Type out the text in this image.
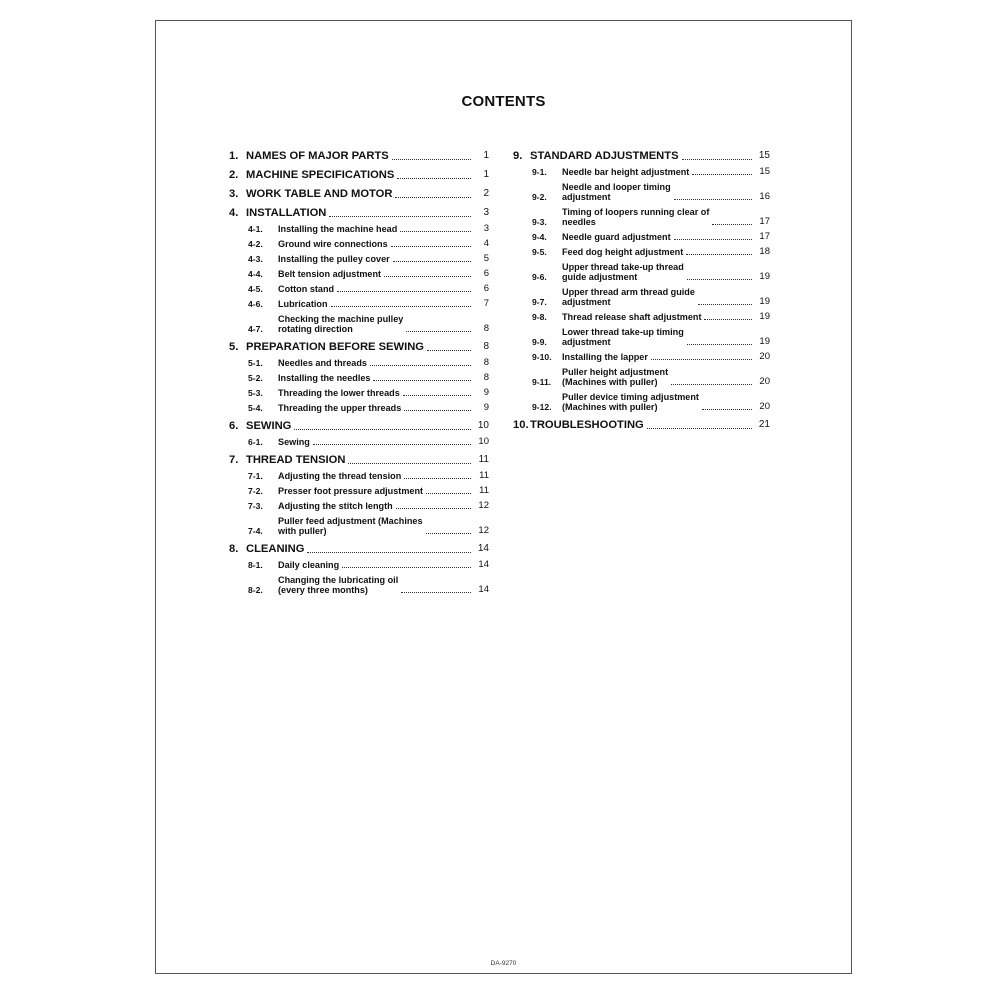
CONTENTS
1. NAMES OF MAJOR PARTS	1
2. MACHINE SPECIFICATIONS	1
3. WORK TABLE AND MOTOR	2
4. INSTALLATION	3
4-1.	Installing the machine head	3
4-2.	Ground wire connections	4
4-3.	Installing the pulley cover	5
4-4.	Belt tension adjustment	6
4-5.	Cotton stand	6
4-6.	Lubrication	7
4-7.
Checking the machine pulley
rotating direction	8
5. PREPARATION BEFORE SEWING	8
5-1.	Needles and threads	8
5-2.	Installing the needles	8
5-3.	Threading the lower threads	9
5-4.	Threading the upper threads	9
6. SEWING	10
6-1.	Sewing	10
7. THREAD TENSION	11
7-1.	Adjusting the thread tension	11
7-2.	Presser foot pressure adjustment	11
7-3.	Adjusting the stitch length	12
7-4.
Puller feed adjustment (Machines
with puller)	12
8. CLEANING	14
8-1.	Daily cleaning	14
8-2.
Changing the lubricating oil
(every three months)	14
9. STANDARD ADJUSTMENTS	15
9-1.	Needle bar height adjustment	15
9-2.
Needle and looper timing
adjustment	16
9-3.
Timing of loopers running clear of
needles	17
9-4.	Needle guard adjustment	17
9-5.	Feed dog height adjustment	18
9-6.
Upper thread take-up thread
guide adjustment	19
9-7.
Upper thread arm thread guide
adjustment	19
9-8.	Thread release shaft adjustment	19
9-9.
Lower thread take-up timing
adjustment	19
9-10.	Installing the lapper	20
9-11.
Puller height adjustment
(Machines with puller)	20
9-12.
Puller device timing adjustment
(Machines with puller)	20
10. TROUBLESHOOTING	21
DA-9270
